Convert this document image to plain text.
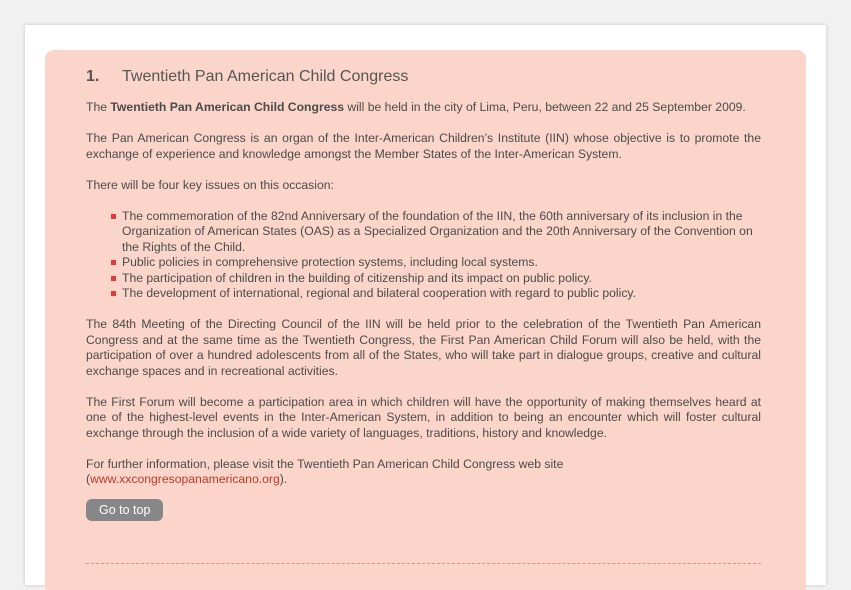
1. Twentieth Pan American Child Congress

The Twentieth Pan American Child Congress will be held in the city of Lima, Peru, between 22 and 25 September 2009.

The Pan American Congress is an organ of the Inter-American Children’s Institute (IIN) whose objective is to promote the exchange of experience and knowledge amongst the Member States of the Inter-American System.

There will be four key issues on this occasion:

The commemoration of the 82nd Anniversary of the foundation of the IIN, the 60th anniversary of its inclusion in the Organization of American States (OAS) as a Specialized Organization and the 20th Anniversary of the Convention on the Rights of the Child.
Public policies in comprehensive protection systems, including local systems.
The participation of children in the building of citizenship and its impact on public policy.
The development of international, regional and bilateral cooperation with regard to public policy.

The 84th Meeting of the Directing Council of the IIN will be held prior to the celebration of the Twentieth Pan American Congress and at the same time as the Twentieth Congress, the First Pan American Child Forum will also be held, with the participation of over a hundred adolescents from all of the States, who will take part in dialogue groups, creative and cultural exchange spaces and in recreational activities.

The First Forum will become a participation area in which children will have the opportunity of making themselves heard at one of the highest-level events in the Inter-American System, in addition to being an encounter which will foster cultural exchange through the inclusion of a wide variety of languages, traditions, history and knowledge.

For further information, please visit the Twentieth Pan American Child Congress web site
(www.xxcongresopanamericano.org).

Go to top
